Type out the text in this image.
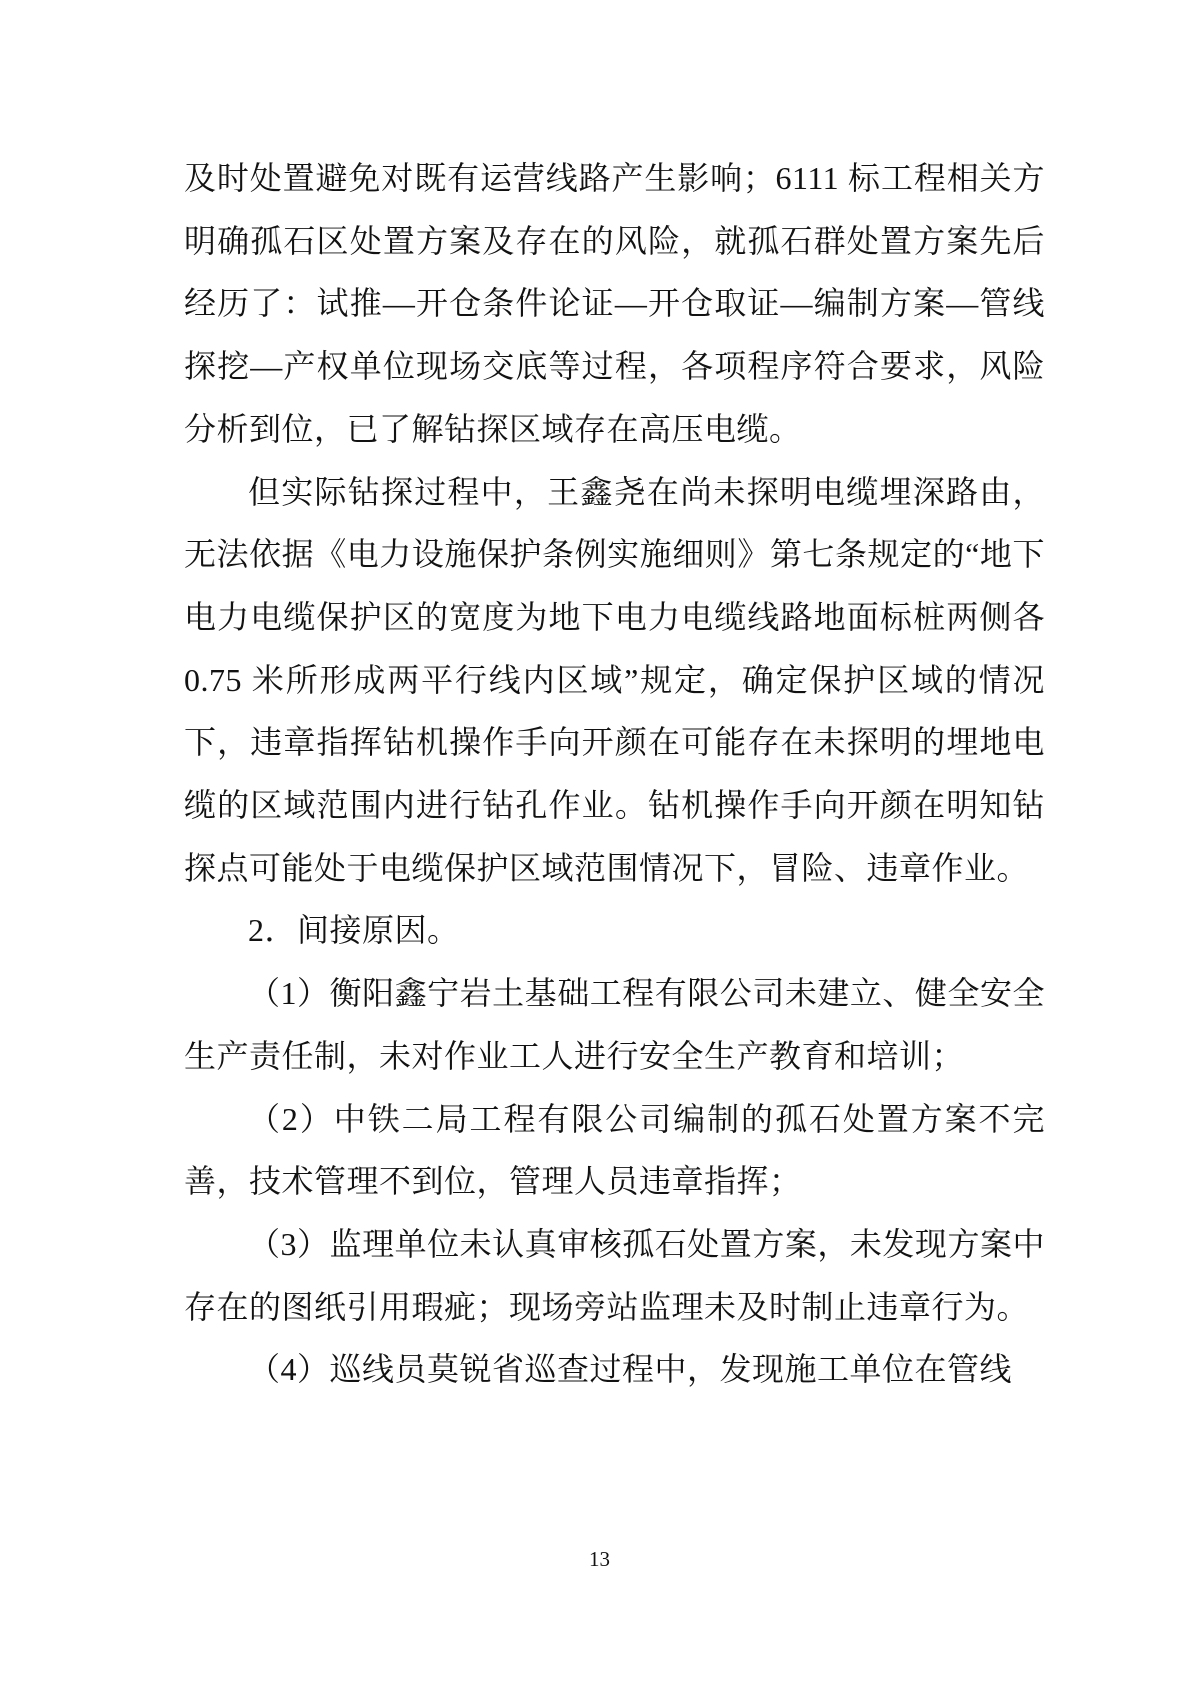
及时处置避免对既有运营线路产生影响；6111 标工程相关方明确孤石区处置方案及存在的风险，就孤石群处置方案先后经历了：试推—开仓条件论证—开仓取证—编制方案—管线探挖—产权单位现场交底等过程，各项程序符合要求，风险分析到位，已了解钻探区域存在高压电缆。

但实际钻探过程中，王鑫尧在尚未探明电缆埋深路由，无法依据《电力设施保护条例实施细则》第七条规定的“地下电力电缆保护区的宽度为地下电力电缆线路地面标桩两侧各 0.75 米所形成两平行线内区域”规定，确定保护区域的情况下，违章指挥钻机操作手向开颜在可能存在未探明的埋地电缆的区域范围内进行钻孔作业。钻机操作手向开颜在明知钻探点可能处于电缆保护区域范围情况下，冒险、违章作业。

2．间接原因。

（1）衡阳鑫宁岩土基础工程有限公司未建立、健全安全生产责任制，未对作业工人进行安全生产教育和培训；

（2）中铁二局工程有限公司编制的孤石处置方案不完善，技术管理不到位，管理人员违章指挥；

（3）监理单位未认真审核孤石处置方案，未发现方案中存在的图纸引用瑕疵；现场旁站监理未及时制止违章行为。

（4）巡线员莫锐省巡查过程中，发现施工单位在管线

13
